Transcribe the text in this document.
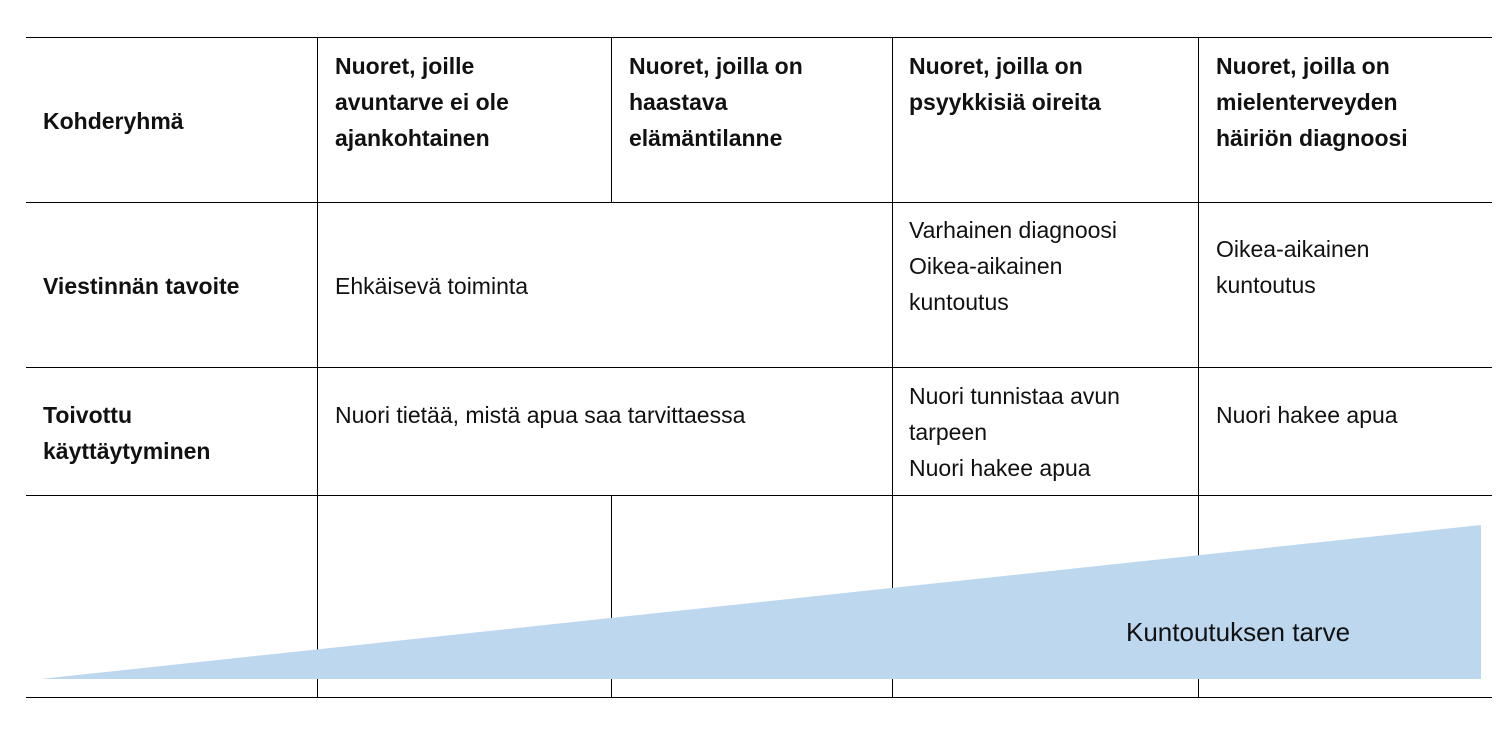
Kohderyhmä
Nuoret, joille
avuntarve ei ole
ajankohtainen
Nuoret, joilla on
haastava
elämäntilanne
Nuoret, joilla on
psyykkisiä oireita
Nuoret, joilla on
mielenterveyden
häiriön diagnoosi
Viestinnän tavoite	Ehkäisevä toiminta
Varhainen diagnoosi
Oikea-aikainen
kuntoutus
Oikea-aikainen
kuntoutus
Toivottu
käyttäytyminen
Nuori tietää, mistä apua saa tarvittaessa
Nuori tunnistaa avun
tarpeen
Nuori hakee apua
Nuori hakee apua
Kuntoutuksen tarve
